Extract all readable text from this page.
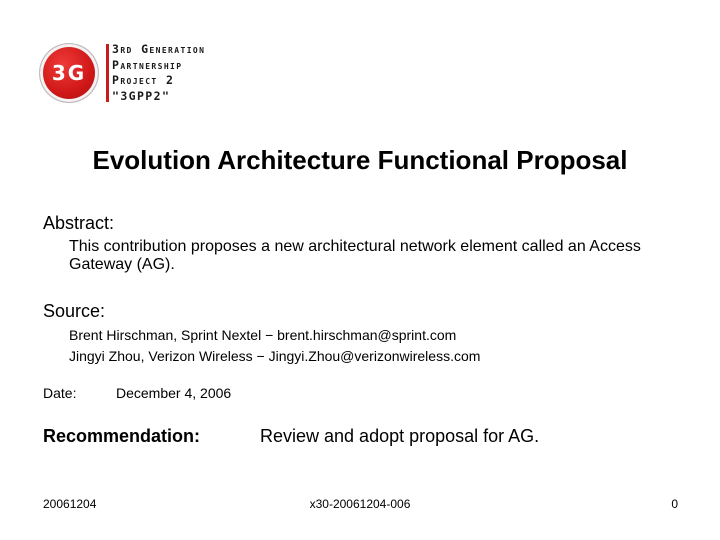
3G
3rd Generation
Partnership
Project 2
"3GPP2"
Evolution Architecture Functional Proposal
Abstract:
This contribution proposes a new architectural network element called an Access Gateway (AG).
Source:
Brent Hirschman, Sprint Nextel − brent.hirschman@sprint.com
Jingyi Zhou, Verizon Wireless − Jingyi.Zhou@verizonwireless.com
Date:	December 4, 2006
Recommendation:	Review and adopt proposal for AG.
20061204	x30-20061204-006	0
